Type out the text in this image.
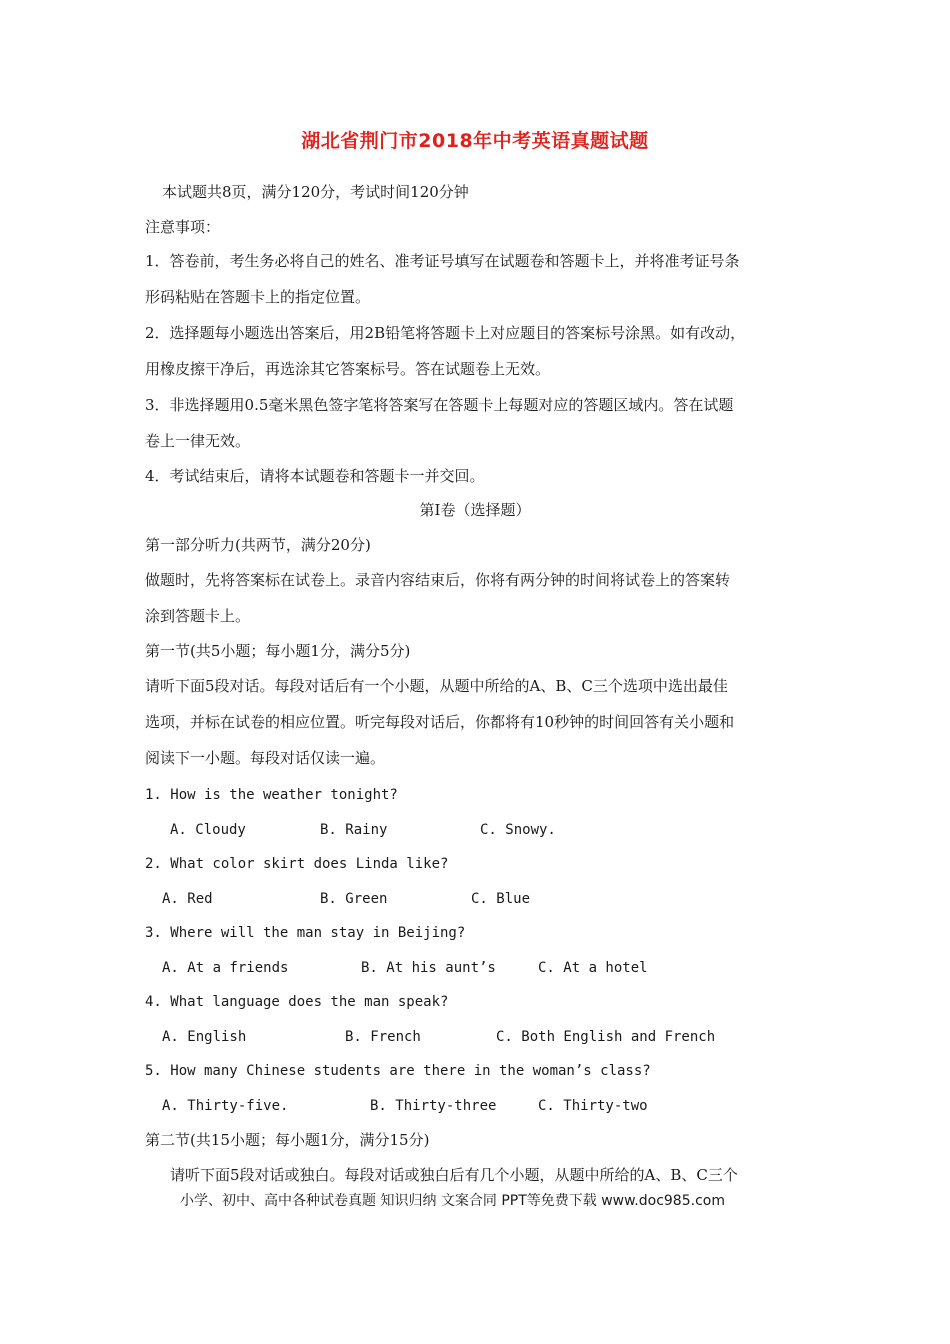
湖北省荆门市2018年中考英语真题试题
本试题共8页，满分120分，考试时间120分钟
注意事项：
1．答卷前，考生务必将自己的姓名、准考证号填写在试题卷和答题卡上，并将准考证号条
形码粘贴在答题卡上的指定位置。
2．选择题每小题选出答案后，用2B铅笔将答题卡上对应题目的答案标号涂黑。如有改动，
用橡皮擦干净后，再选涂其它答案标号。答在试题卷上无效。
3．非选择题用0.5毫米黑色签字笔将答案写在答题卡上每题对应的答题区域内。答在试题
卷上一律无效。
4．考试结束后，请将本试题卷和答题卡一并交回。
第Ⅰ卷（选择题）
第一部分听力(共两节，满分20分)
做题时，先将答案标在试卷上。录音内容结束后，你将有两分钟的时间将试卷上的答案转
涂到答题卡上。
第一节(共5小题；每小题1分，满分5分)
请听下面5段对话。每段对话后有一个小题，从题中所给的A、B、C三个选项中选出最佳
选项，并标在试卷的相应位置。听完每段对话后，你都将有10秒钟的时间回答有关小题和
阅读下一小题。每段对话仅读一遍。
1. How is the weather tonight?
A. Cloudy	B. Rainy	C. Snowy.
2. What color skirt does Linda like?
A. Red	B. Green	C. Blue
3. Where will the man stay in Beijing?
A. At a friends	B. At his aunt’s	C. At a hotel
4. What language does the man speak?
A. English	B. French	C. Both English and French
5. How many Chinese students are there in the woman’s class?
A. Thirty-five.	B. Thirty-three	C. Thirty-two
第二节(共15小题；每小题1分，满分15分)
请听下面5段对话或独白。每段对话或独白后有几个小题，从题中所给的A、B、C三个
小学、初中、高中各种试卷真题 知识归纳 文案合同 PPT等免费下载 www.doc985.com
